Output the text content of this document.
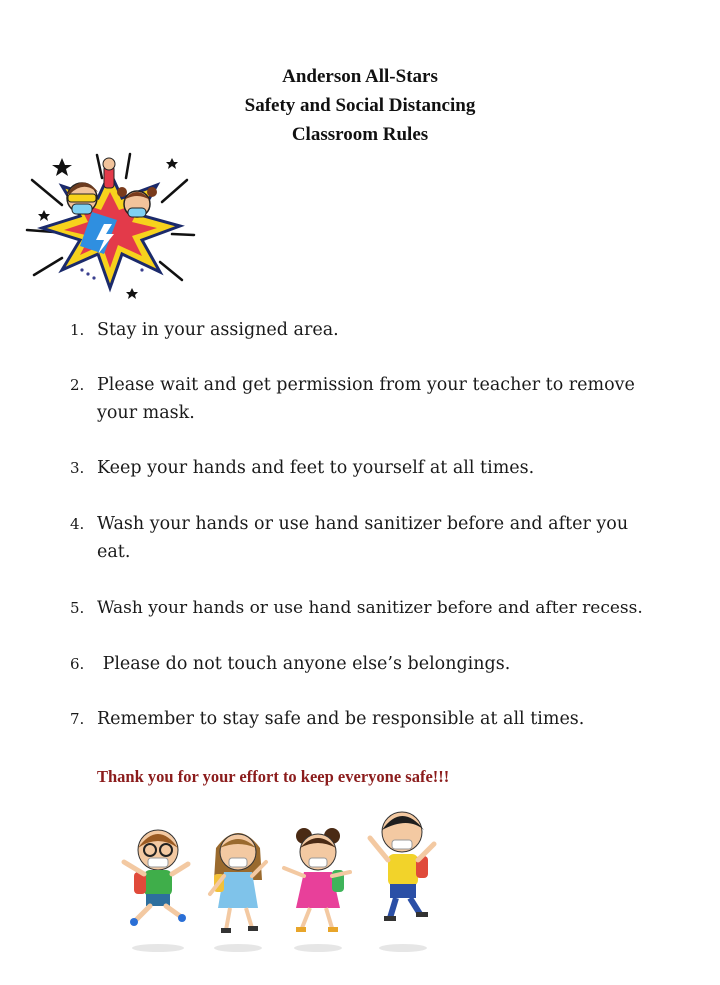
Anderson All-Stars
Safety and Social Distancing
Classroom Rules
1. Stay in your assigned area.
2. Please wait and get permission from your teacher to remove your mask.
3. Keep your hands and feet to yourself at all times.
4. Wash your hands or use hand sanitizer before and after you eat.
5. Wash your hands or use hand sanitizer before and after recess.
6. Please do not touch anyone else’s belongings.
7. Remember to stay safe and be responsible at all times.
Thank you for your effort to keep everyone safe!!!
